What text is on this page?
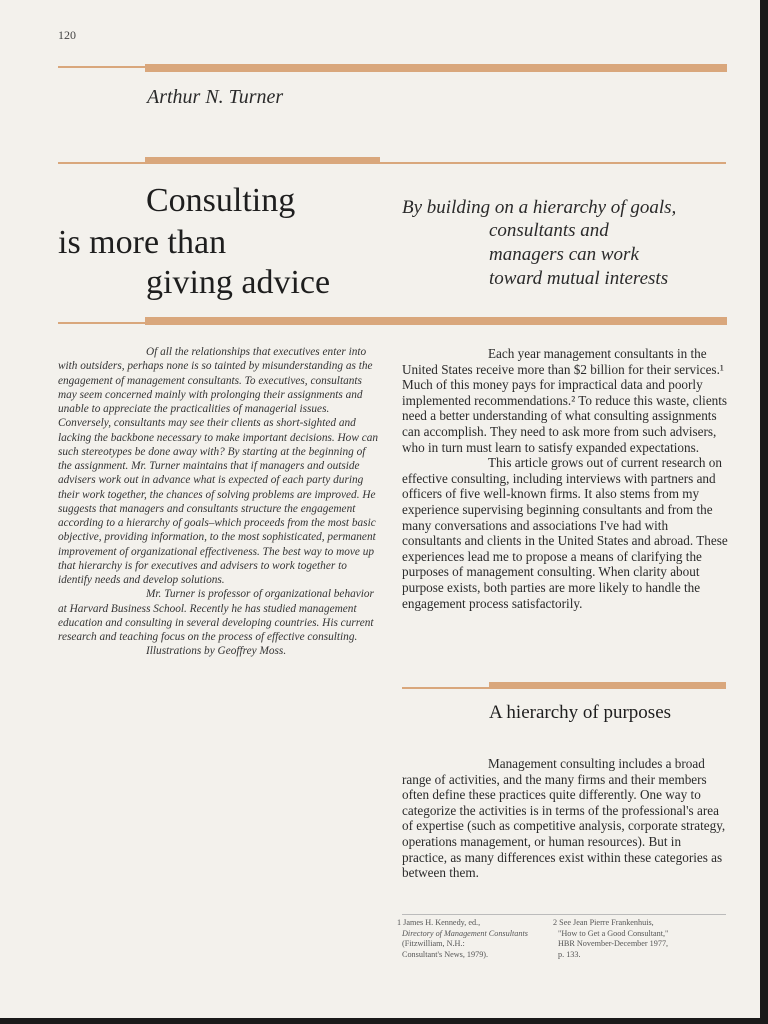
120
Arthur N. Turner
Consulting
is more than
giving advice
By building on a hierarchy of goals,
consultants and
managers can work
toward mutual interests

Of all the relationships that executives enter into with outsiders, perhaps none is so tainted by misunderstanding as the engagement of management consultants. To executives, consultants may seem concerned mainly with prolonging their assignments and unable to appreciate the practicalities of managerial issues. Conversely, consultants may see their clients as short-sighted and lacking the backbone necessary to make important decisions. How can such stereotypes be done away with? By starting at the beginning of the assignment. Mr. Turner maintains that if managers and outside advisers work out in advance what is expected of each party during their work together, the chances of solving problems are improved. He suggests that managers and consultants structure the engagement according to a hierarchy of goals–which proceeds from the most basic objective, providing information, to the most sophisticated, permanent improvement of organizational effectiveness. The best way to move up that hierarchy is for executives and advisers to work together to identify needs and develop solutions.

Mr. Turner is professor of organizational behavior at Harvard Business School. Recently he has studied management education and consulting in several developing countries. His current research and teaching focus on the process of effective consulting.

Illustrations by Geoffrey Moss.

Each year management consultants in the United States receive more than $2 billion for their services.¹ Much of this money pays for impractical data and poorly implemented recommendations.² To reduce this waste, clients need a better understanding of what consulting assignments can accomplish. They need to ask more from such advisers, who in turn must learn to satisfy expanded expectations.

This article grows out of current research on effective consulting, including interviews with partners and officers of five well-known firms. It also stems from my experience supervising beginning consultants and from the many conversations and associations I've had with consultants and clients in the United States and abroad. These experiences lead me to propose a means of clarifying the purposes of management consulting. When clarity about purpose exists, both parties are more likely to handle the engagement process satisfactorily.

A hierarchy of purposes

Management consulting includes a broad range of activities, and the many firms and their members often define these practices quite differently. One way to categorize the activities is in terms of the professional's area of expertise (such as competitive analysis, corporate strategy, operations management, or human resources). But in practice, as many differences exist within these categories as between them.

1 James H. Kennedy, ed.,
Directory of Management Consultants
(Fitzwilliam, N.H.:
Consultant's News, 1979).
2 See Jean Pierre Frankenhuis,
"How to Get a Good Consultant,"
HBR November-December 1977,
p. 133.
